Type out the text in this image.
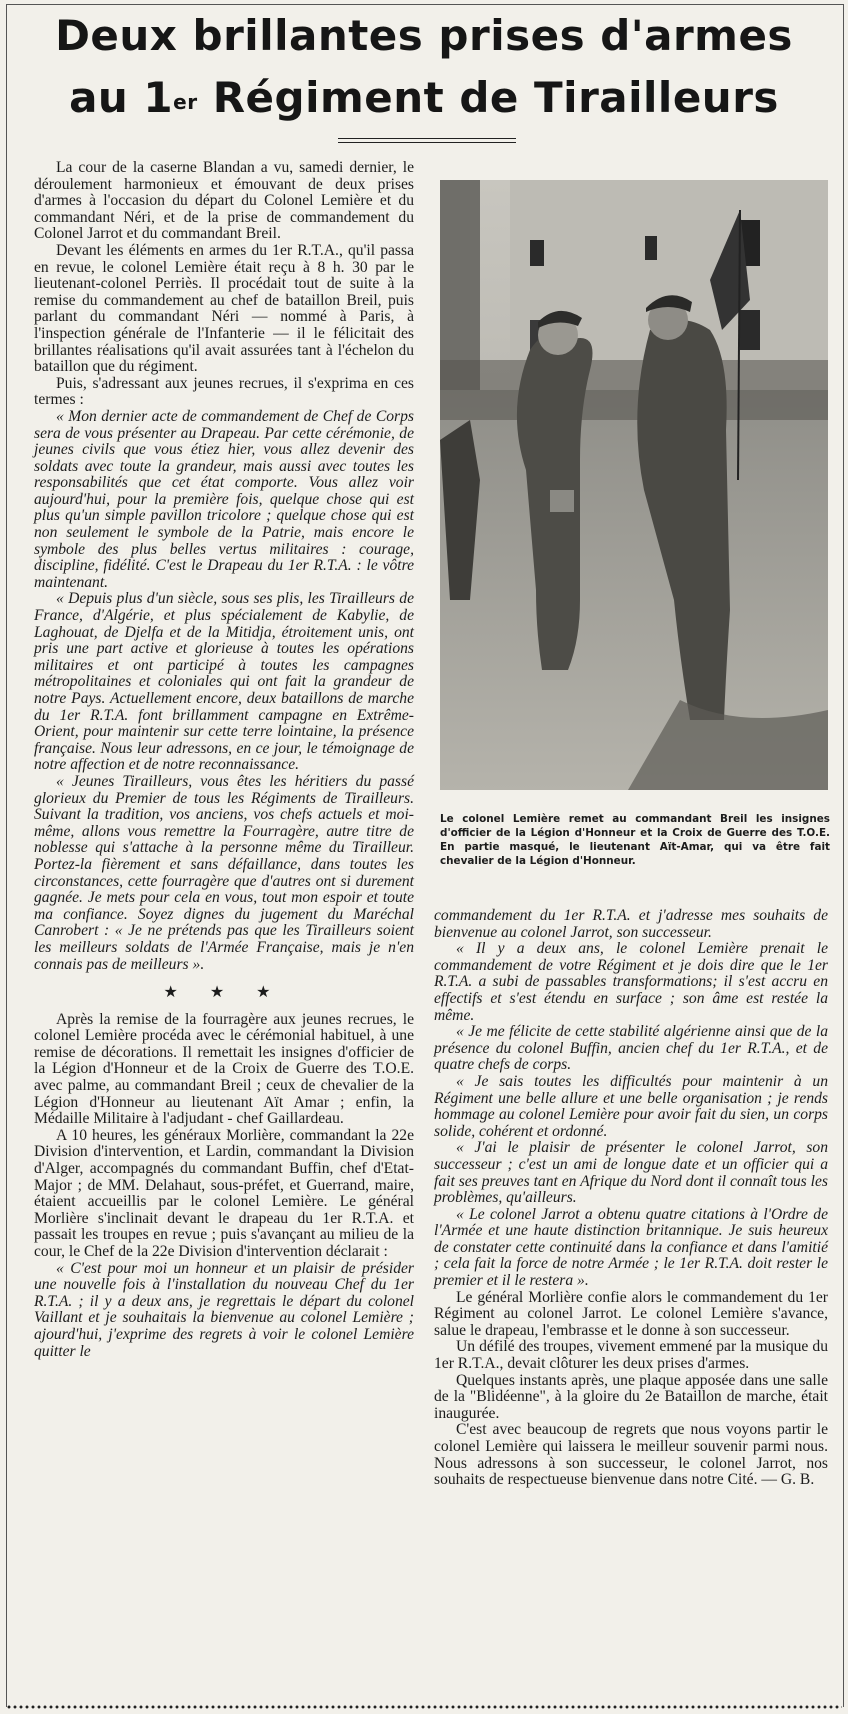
Deux brillantes prises d'armes
au 1er Régiment de Tirailleurs

La cour de la caserne Blandan a vu, samedi dernier, le déroulement harmonieux et émouvant de deux prises d'armes à l'occasion du départ du Colonel Lemière et du commandant Néri, et de la prise de commandement du Colonel Jarrot et du commandant Breil.

Devant les éléments en armes du 1er R.T.A., qu'il passa en revue, le colonel Lemière était reçu à 8 h. 30 par le lieutenant-colonel Perriès. Il procédait tout de suite à la remise du commandement au chef de bataillon Breil, puis parlant du commandant Néri — nommé à Paris, à l'inspection générale de l'Infanterie — il le félicitait des brillantes réalisations qu'il avait assurées tant à l'échelon du bataillon que du régiment.

Puis, s'adressant aux jeunes recrues, il s'exprima en ces termes :

« Mon dernier acte de commandement de Chef de Corps sera de vous présenter au Drapeau. Par cette cérémonie, de jeunes civils que vous étiez hier, vous allez devenir des soldats avec toute la grandeur, mais aussi avec toutes les responsabilités que cet état comporte. Vous allez voir aujourd'hui, pour la première fois, quelque chose qui est plus qu'un simple pavillon tricolore ; quelque chose qui est non seulement le symbole de la Patrie, mais encore le symbole des plus belles vertus militaires : courage, discipline, fidélité. C'est le Drapeau du 1er R.T.A. : le vôtre maintenant.

« Depuis plus d'un siècle, sous ses plis, les Tirailleurs de France, d'Algérie, et plus spécialement de Kabylie, de Laghouat, de Djelfa et de la Mitidja, étroitement unis, ont pris une part active et glorieuse à toutes les opérations militaires et ont participé à toutes les campagnes métropolitaines et coloniales qui ont fait la grandeur de notre Pays. Actuellement encore, deux bataillons de marche du 1er R.T.A. font brillamment campagne en Extrême-Orient, pour maintenir sur cette terre lointaine, la présence française. Nous leur adressons, en ce jour, le témoignage de notre affection et de notre reconnaissance.

« Jeunes Tirailleurs, vous êtes les héritiers du passé glorieux du Premier de tous les Régiments de Tirailleurs. Suivant la tradition, vos anciens, vos chefs actuels et moi-même, allons vous remettre la Fourragère, autre titre de noblesse qui s'attache à la personne même du Tirailleur. Portez-la fièrement et sans défaillance, dans toutes les circonstances, cette fourragère que d'autres ont si durement gagnée. Je mets pour cela en vous, tout mon espoir et toute ma confiance. Soyez dignes du jugement du Maréchal Canrobert : « Je ne prétends pas que les Tirailleurs soient les meilleurs soldats de l'Armée Française, mais je n'en connais pas de meilleurs ».

★ ★ ★

Après la remise de la fourragère aux jeunes recrues, le colonel Lemière procéda avec le cérémonial habituel, à une remise de décorations. Il remettait les insignes d'officier de la Légion d'Honneur et de la Croix de Guerre des T.O.E. avec palme, au commandant Breil ; ceux de chevalier de la Légion d'Honneur au lieutenant Aït Amar ; enfin, la Médaille Militaire à l'adjudant - chef Gaillardeau.

A 10 heures, les généraux Morlière, commandant la 22e Division d'intervention, et Lardin, commandant la Division d'Alger, accompagnés du commandant Buffin, chef d'Etat-Major ; de MM. Delahaut, sous-préfet, et Guerrand, maire, étaient accueillis par le colonel Lemière. Le général Morlière s'inclinait devant le drapeau du 1er R.T.A. et passait les troupes en revue ; puis s'avançant au milieu de la cour, le Chef de la 22e Division d'intervention déclarait :

« C'est pour moi un honneur et un plaisir de présider une nouvelle fois à l'installation du nouveau Chef du 1er R.T.A. ; il y a deux ans, je regrettais le départ du colonel Vaillant et je souhaitais la bienvenue au colonel Lemière ; ajourd'hui, j'exprime des regrets à voir le colonel Lemière quitter le

Le colonel Lemière remet au commandant Breil les insignes d'officier de la Légion d'Honneur et la Croix de Guerre des T.O.E. En partie masqué, le lieutenant Aït-Amar, qui va être fait chevalier de la Légion d'Honneur.

commandement du 1er R.T.A. et j'adresse mes souhaits de bienvenue au colonel Jarrot, son successeur.

« Il y a deux ans, le colonel Lemière prenait le commandement de votre Régiment et je dois dire que le 1er R.T.A. a subi de passables transformations; il s'est accru en effectifs et s'est étendu en surface ; son âme est restée la même.

« Je me félicite de cette stabilité algérienne ainsi que de la présence du colonel Buffin, ancien chef du 1er R.T.A., et de quatre chefs de corps.

« Je sais toutes les difficultés pour maintenir à un Régiment une belle allure et une belle organisation ; je rends hommage au colonel Lemière pour avoir fait du sien, un corps solide, cohérent et ordonné.

« J'ai le plaisir de présenter le colonel Jarrot, son successeur ; c'est un ami de longue date et un officier qui a fait ses preuves tant en Afrique du Nord dont il connaît tous les problèmes, qu'ailleurs.

« Le colonel Jarrot a obtenu quatre citations à l'Ordre de l'Armée et une haute distinction britannique. Je suis heureux de constater cette continuité dans la confiance et dans l'amitié ; cela fait la force de notre Armée ; le 1er R.T.A. doit rester le premier et il le restera ».

Le général Morlière confie alors le commandement du 1er Régiment au colonel Jarrot. Le colonel Lemière s'avance, salue le drapeau, l'embrasse et le donne à son successeur.

Un défilé des troupes, vivement emmené par la musique du 1er R.T.A., devait clôturer les deux prises d'armes.

Quelques instants après, une plaque apposée dans une salle de la "Blidéenne", à la gloire du 2e Bataillon de marche, était inaugurée.

C'est avec beaucoup de regrets que nous voyons partir le colonel Lemière qui laissera le meilleur souvenir parmi nous. Nous adressons à son successeur, le colonel Jarrot, nos souhaits de respectueuse bienvenue dans notre Cité. — G. B.
